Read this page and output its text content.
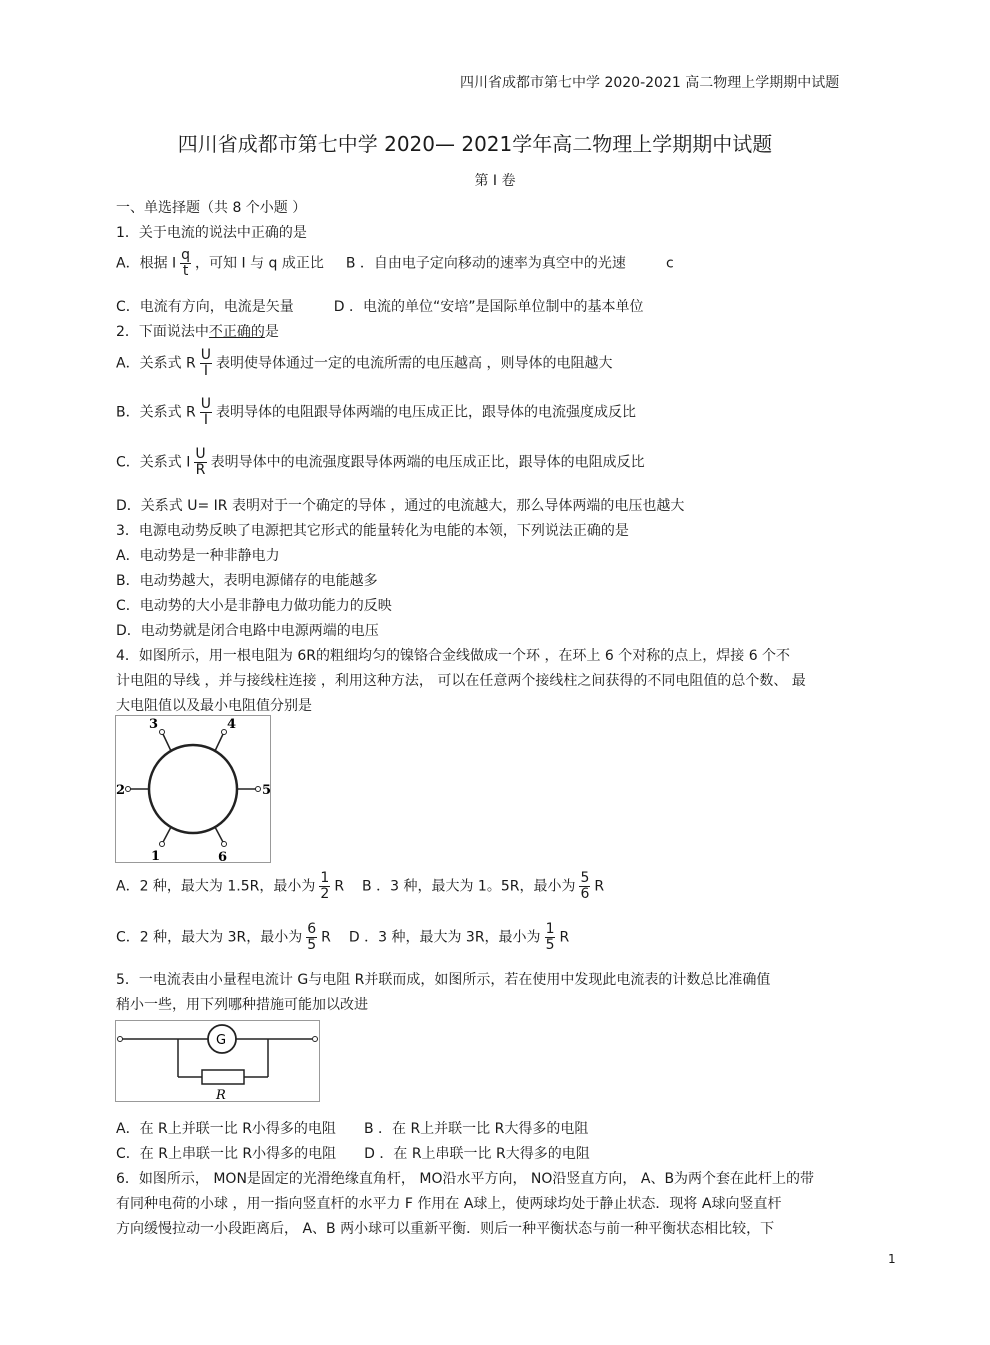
四川省成都市第七中学 2020-2021 高二物理上学期期中试题
四川省成都市第七中学 2020— 2021学年高二物理上学期期中试题
第 I 卷
一、单选择题（共 8 个小题 ）
1．关于电流的说法中正确的是
A．根据 I $\frac{q}{t}$ ，可知 I 与 q 成正比 B ．自由电子定向移动的速率为真空中的光速	c
C．电流有方向，电流是矢量	D ．电流的单位“安培”是国际单位制中的基本单位
2．下面说法中不正确的是
A．关系式 R $\frac{U}{I}$ 表明使导体通过一定的电流所需的电压越高 ，则导体的电阻越大
B．关系式 R $\frac{U}{I}$ 表明导体的电阻跟导体两端的电压成正比，跟导体的电流强度成反比
C．关系式 I $\frac{U}{R}$ 表明导体中的电流强度跟导体两端的电压成正比，跟导体的电阻成反比
D．关系式 U= IR 表明对于一个确定的导体 ，通过的电流越大，那么导体两端的电压也越大
3．电源电动势反映了电源把其它形式的能量转化为电能的本领，下列说法正确的是
A．电动势是一种非静电力
B．电动势越大，表明电源储存的电能越多
C．电动势的大小是非静电力做功能力的反映
D．电动势就是闭合电路中电源两端的电压
4．如图所示，用一根电阻为 6R的粗细均匀的镍铬合金线做成一个环 ，在环上 6 个对称的点上，焊接 6 个不
计电阻的导线 ，并与接线柱连接 ，利用这种方法， 可以在任意两个接线柱之间获得的不同电阻值的总个数、 最
大电阻值以及最小电阻值分别是
3	4
2	5
1	6
A．2 种，最大为 1.5R，最小为 $\frac{1}{2}$ R B ．3 种，最大为 1。5R，最小为 $\frac{5}{6}$ R
C．2 种，最大为 3R，最小为 $\frac{6}{5}$ R D ．3 种，最大为 3R，最小为 $\frac{1}{5}$ R
5．一电流表由小量程电流计 G与电阻 R并联而成，如图所示，若在使用中发现此电流表的计数总比准确值
稍小一些，用下列哪种措施可能加以改进
G
R
A．在 R上并联一比 R小得多的电阻 B ．在 R上并联一比 R大得多的电阻
C．在 R上串联一比 R小得多的电阻 D ．在 R上串联一比 R大得多的电阻
6．如图所示， MON是固定的光滑绝缘直角杆， MO沿水平方向， NO沿竖直方向， A、B为两个套在此杆上的带
有同种电荷的小球 ，用一指向竖直杆的水平力 F 作用在 A球上，使两球均处于静止状态．现将 A球向竖直杆
方向缓慢拉动一小段距离后， A、B 两小球可以重新平衡．则后一种平衡状态与前一种平衡状态相比较，下
1
